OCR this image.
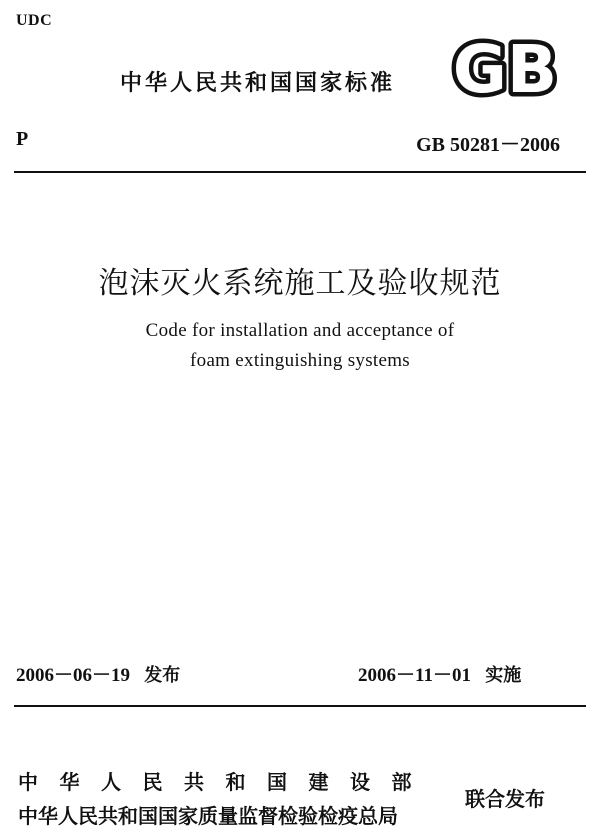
UDC
中华人民共和国国家标准 GB
P	GB 50281－2006
泡沫灭火系统施工及验收规范
Code for installation and acceptance of
foam extinguishing systems
2006－06－19 发布	2006－11－01 实施
中华人民共和国建设部
中华人民共和国国家质量监督检验检疫总局
联合发布
